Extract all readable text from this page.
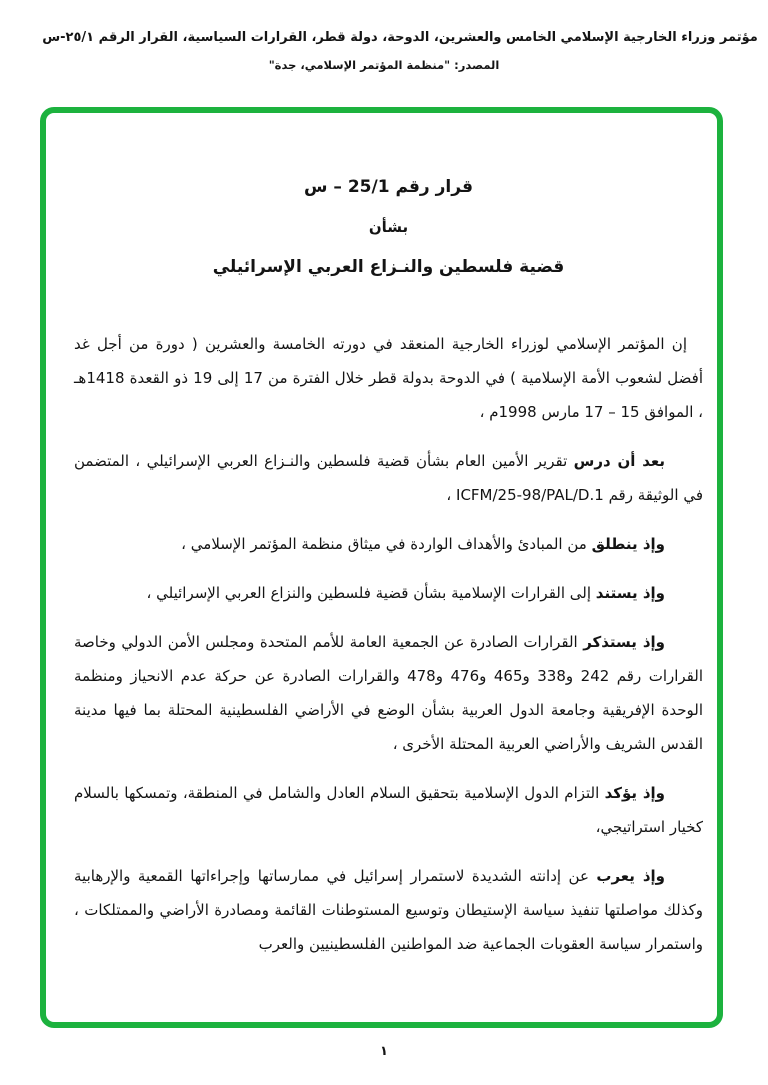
مؤتمر وزراء الخارجية الإسلامي الخامس والعشرين، الدوحة، دولة قطر، القرارات السياسية، القرار الرقم ٢٥/١-س
المصدر: "منظمة المؤتمر الإسلامي، جدة"
قرار رقم 25/1 – س
بشأن
قضية فلسطين والنـزاع العربي الإسرائيلي

إن المؤتمر الإسلامي لوزراء الخارجية المنعقد في دورته الخامسة والعشرين ( دورة من أجل غد أفضل لشعوب الأمة الإسلامية ) في الدوحة بدولة قطر خلال الفترة من 17 إلى 19 ذو القعدة 1418هـ ، الموافق 15 – 17 مارس 1998م ،

بعد أن درس تقرير الأمين العام بشأن قضية فلسطين والنـزاع العربي الإسرائيلي ، المتضمن في الوثيقة رقم ICFM/25-98/PAL/D.1 ،

وإذ ينطلق من المبادئ والأهداف الواردة في ميثاق منظمة المؤتمر الإسلامي ،

وإذ يستند إلى القرارات الإسلامية بشأن قضية فلسطين والنزاع العربي الإسرائيلي ،

وإذ يستذكر القرارات الصادرة عن الجمعية العامة للأمم المتحدة ومجلس الأمن الدولي وخاصة القرارات رقم 242 و338 و465 و476 و478 والقرارات الصادرة عن حركة عدم الانحياز ومنظمة الوحدة الإفريقية وجامعة الدول العربية بشأن الوضع في الأراضي الفلسطينية المحتلة بما فيها مدينة القدس الشريف والأراضي العربية المحتلة الأخرى ،

وإذ يؤكد التزام الدول الإسلامية بتحقيق السلام العادل والشامل في المنطقة، وتمسكها بالسلام كخيار استراتيجي،

وإذ يعرب عن إدانته الشديدة لاستمرار إسرائيل في ممارساتها وإجراءاتها القمعية والإرهابية وكذلك مواصلتها تنفيذ سياسة الإستيطان وتوسيع المستوطنات القائمة ومصادرة الأراضي والممتلكات ، واستمرار سياسة العقوبات الجماعية ضد المواطنين الفلسطينيين والعرب

١
